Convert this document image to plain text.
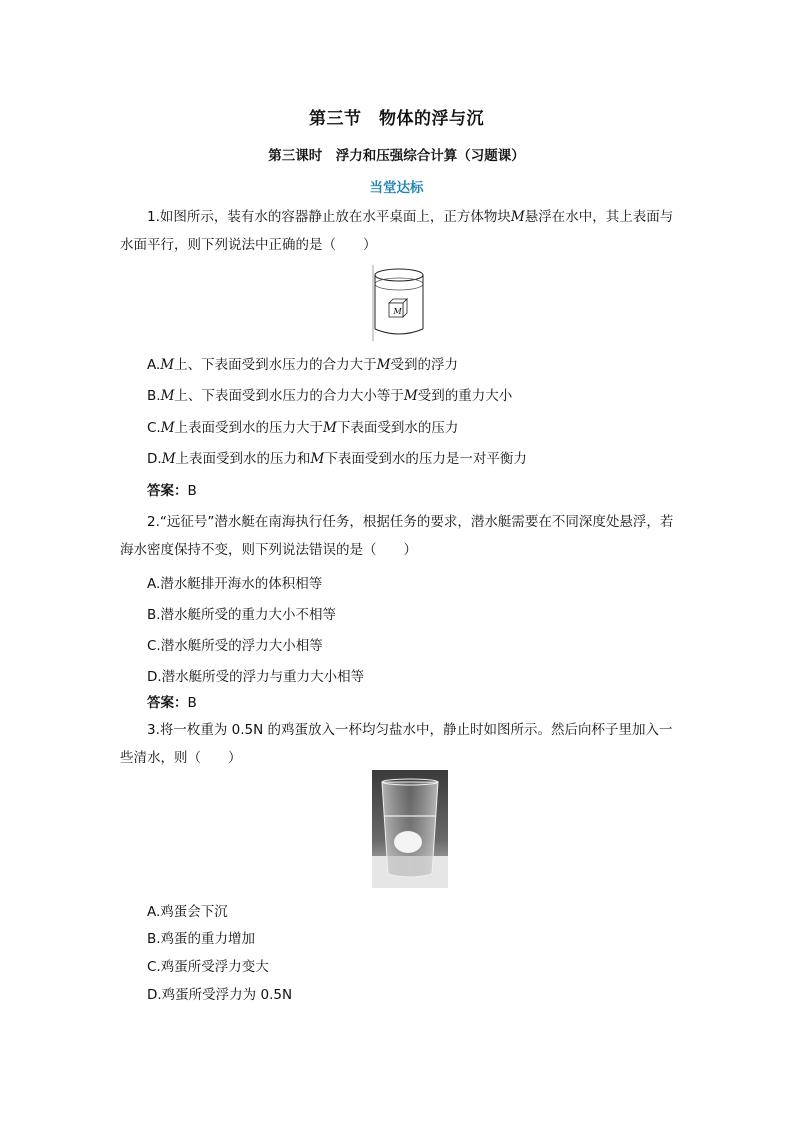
第三节　物体的浮与沉
第三课时　浮力和压强综合计算（习题课）
当堂达标
1.如图所示，装有水的容器静止放在水平桌面上，正方体物块M悬浮在水中，其上表面与水面平行，则下列说法中正确的是（　　）
M
A.M上、下表面受到水压力的合力大于M受到的浮力
B.M上、下表面受到水压力的合力大小等于M受到的重力大小
C.M上表面受到水的压力大于M下表面受到水的压力
D.M上表面受到水的压力和M下表面受到水的压力是一对平衡力
答案：B
2.“远征号”潜水艇在南海执行任务，根据任务的要求，潜水艇需要在不同深度处悬浮，若海水密度保持不变，则下列说法错误的是（　　）
A.潜水艇排开海水的体积相等
B.潜水艇所受的重力大小不相等
C.潜水艇所受的浮力大小相等
D.潜水艇所受的浮力与重力大小相等
答案：B
3.将一枚重为 0.5N 的鸡蛋放入一杯均匀盐水中，静止时如图所示。然后向杯子里加入一些清水，则（　　）
A.鸡蛋会下沉
B.鸡蛋的重力增加
C.鸡蛋所受浮力变大
D.鸡蛋所受浮力为 0.5N
